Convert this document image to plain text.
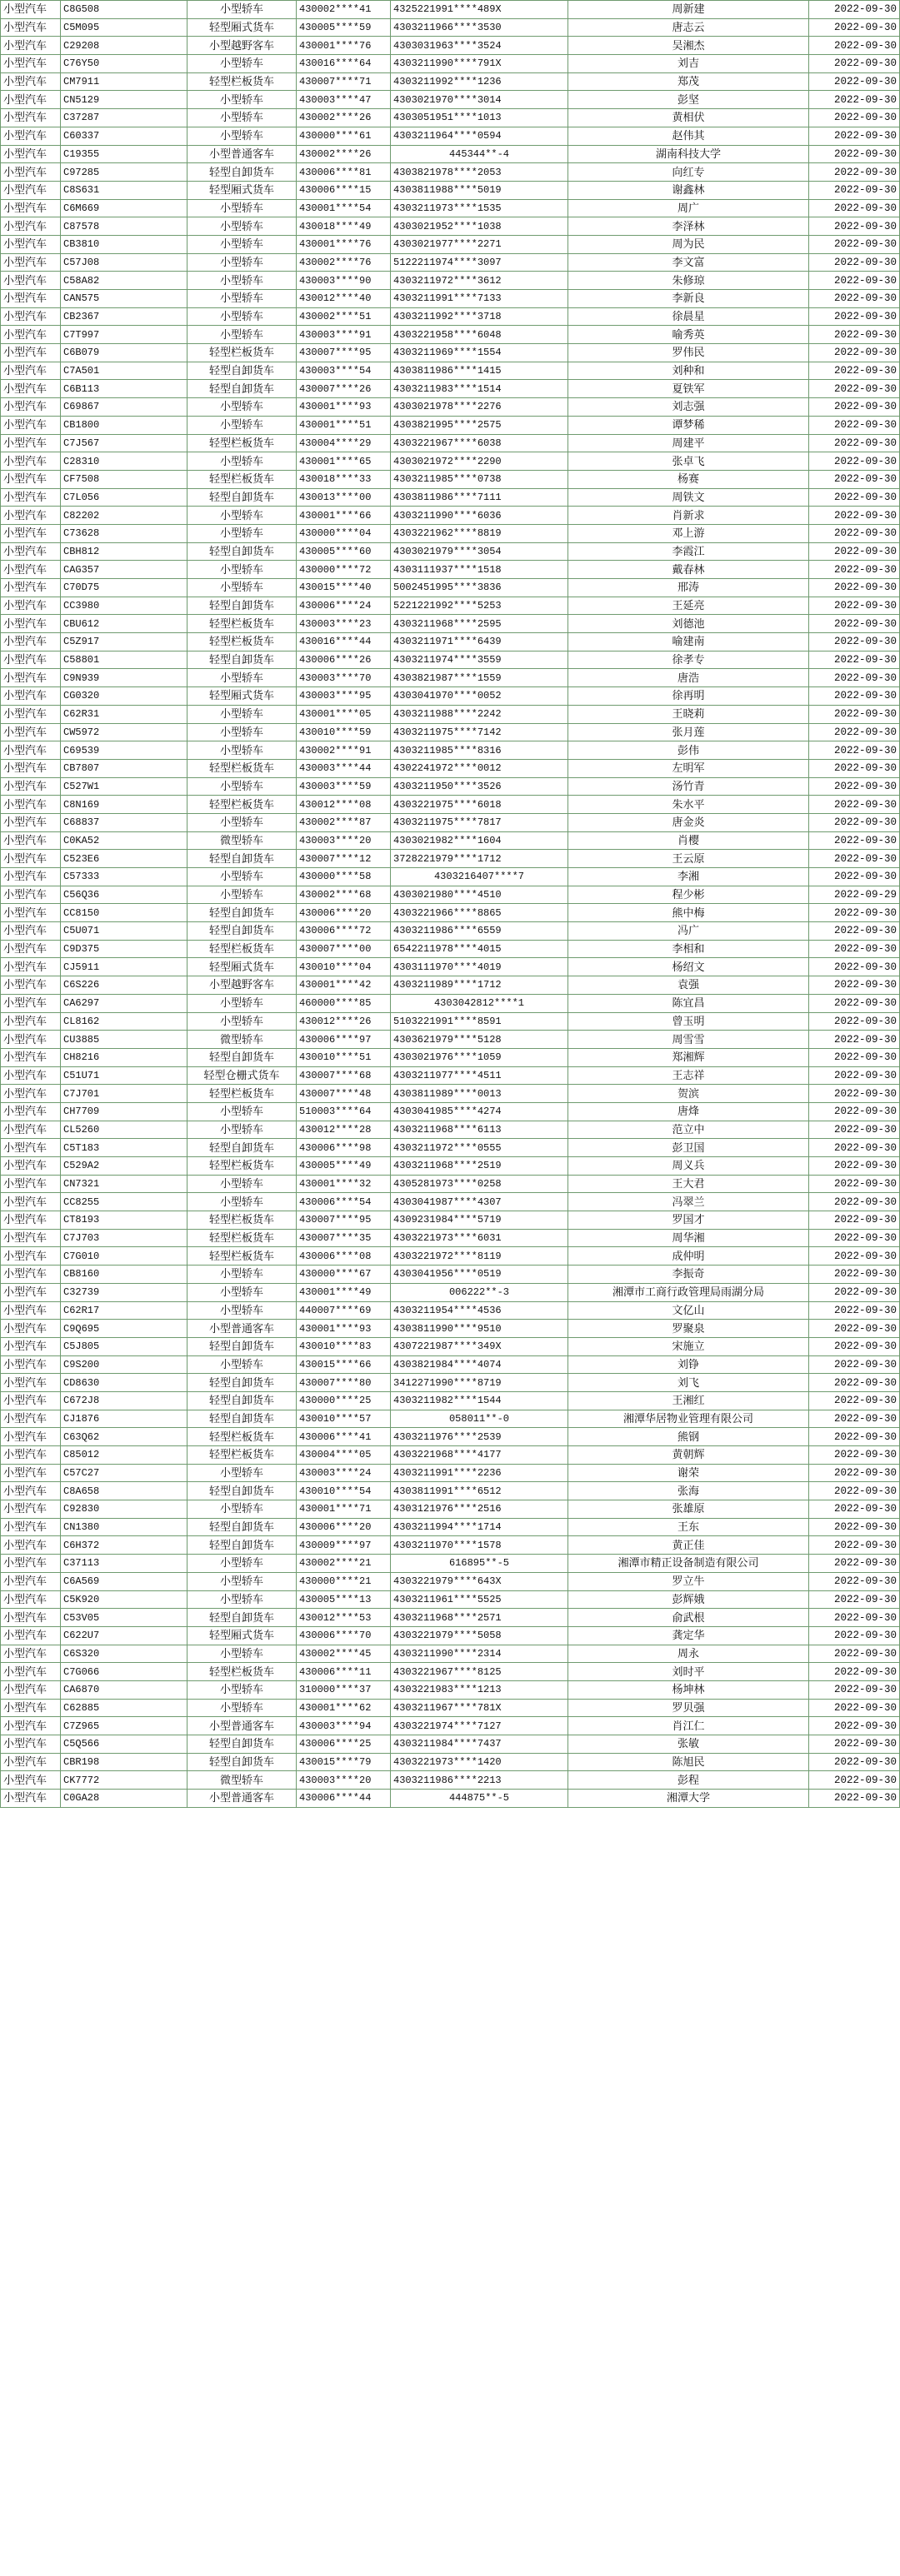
小型汽车	C8G508	小型轿车	430002****41	4325221991****489X	周新建	2022-09-30
小型汽车	C5M095	轻型厢式货车	430005****59	4303211966****3530	唐志云	2022-09-30
小型汽车	C29208	小型越野客车	430001****76	4303031963****3524	吴湘杰	2022-09-30
小型汽车	C76Y50	小型轿车	430016****64	4303211990****791X	刘吉	2022-09-30
小型汽车	CM7911	轻型栏板货车	430007****71	4303211992****1236	郑茂	2022-09-30
小型汽车	CN5129	小型轿车	430003****47	4303021970****3014	彭坚	2022-09-30
小型汽车	C37287	小型轿车	430002****26	4303051951****1013	黄相伏	2022-09-30
小型汽车	C60337	小型轿车	430000****61	4303211964****0594	赵伟其	2022-09-30
小型汽车	C19355	小型普通客车	430002****26	445344**-4	湖南科技大学	2022-09-30
小型汽车	C97285	轻型自卸货车	430006****81	4303821978****2053	向红专	2022-09-30
小型汽车	C8S631	轻型厢式货车	430006****15	4303811988****5019	谢鑫林	2022-09-30
小型汽车	C6M669	小型轿车	430001****54	4303211973****1535	周广	2022-09-30
小型汽车	C87578	小型轿车	430018****49	4303021952****1038	李泽林	2022-09-30
小型汽车	CB3810	小型轿车	430001****76	4303021977****2271	周为民	2022-09-30
小型汽车	C57J08	小型轿车	430002****76	5122211974****3097	李文富	2022-09-30
小型汽车	C58A82	小型轿车	430003****90	4303211972****3612	朱修琼	2022-09-30
小型汽车	CAN575	小型轿车	430012****40	4303211991****7133	李新良	2022-09-30
小型汽车	CB2367	小型轿车	430002****51	4303211992****3718	徐晨星	2022-09-30
小型汽车	C7T997	小型轿车	430003****91	4303221958****6048	喻秀英	2022-09-30
小型汽车	C6B079	轻型栏板货车	430007****95	4303211969****1554	罗伟民	2022-09-30
小型汽车	C7A501	轻型自卸货车	430003****54	4303811986****1415	刘种和	2022-09-30
小型汽车	C6B113	轻型自卸货车	430007****26	4303211983****1514	夏铁军	2022-09-30
小型汽车	C69867	小型轿车	430001****93	4303021978****2276	刘志强	2022-09-30
小型汽车	CB1800	小型轿车	430001****51	4303821995****2575	谭梦稀	2022-09-30
小型汽车	C7J567	轻型栏板货车	430004****29	4303221967****6038	周建平	2022-09-30
小型汽车	C28310	小型轿车	430001****65	4303021972****2290	张卓飞	2022-09-30
小型汽车	CF7508	轻型栏板货车	430018****33	4303211985****0738	杨赛	2022-09-30
小型汽车	C7L056	轻型自卸货车	430013****00	4303811986****7111	周铁文	2022-09-30
小型汽车	C82202	小型轿车	430001****66	4303211990****6036	肖新求	2022-09-30
小型汽车	C73628	小型轿车	430000****04	4303221962****8819	邓上游	2022-09-30
小型汽车	CBH812	轻型自卸货车	430005****60	4303021979****3054	李霞江	2022-09-30
小型汽车	CAG357	小型轿车	430000****72	4303111937****1518	戴春林	2022-09-30
小型汽车	C70D75	小型轿车	430015****40	5002451995****3836	邢涛	2022-09-30
小型汽车	CC3980	轻型自卸货车	430006****24	5221221992****5253	王延亮	2022-09-30
小型汽车	CBU612	轻型栏板货车	430003****23	4303211968****2595	刘德池	2022-09-30
小型汽车	C5Z917	轻型栏板货车	430016****44	4303211971****6439	喻建南	2022-09-30
小型汽车	C58801	轻型自卸货车	430006****26	4303211974****3559	徐孝专	2022-09-30
小型汽车	C9N939	小型轿车	430003****70	4303821987****1559	唐浩	2022-09-30
小型汽车	CG0320	轻型厢式货车	430003****95	4303041970****0052	徐再明	2022-09-30
小型汽车	C62R31	小型轿车	430001****05	4303211988****2242	王晓莉	2022-09-30
小型汽车	CW5972	小型轿车	430010****59	4303211975****7142	张月莲	2022-09-30
小型汽车	C69539	小型轿车	430002****91	4303211985****8316	彭伟	2022-09-30
小型汽车	CB7807	轻型栏板货车	430003****44	4302241972****0012	左明军	2022-09-30
小型汽车	C527W1	小型轿车	430003****59	4303211950****3526	汤竹青	2022-09-30
小型汽车	C8N169	轻型栏板货车	430012****08	4303221975****6018	朱水平	2022-09-30
小型汽车	C68837	小型轿车	430002****87	4303211975****7817	唐金炎	2022-09-30
小型汽车	C0KA52	微型轿车	430003****20	4303021982****1604	肖樱	2022-09-30
小型汽车	C523E6	轻型自卸货车	430007****12	3728221979****1712	王云原	2022-09-30
小型汽车	C57333	小型轿车	430000****58	4303216407****7	李湘	2022-09-30
小型汽车	C56Q36	小型轿车	430002****68	4303021980****4510	程少彬	2022-09-29
小型汽车	CC8150	轻型自卸货车	430006****20	4303221966****8865	熊中梅	2022-09-30
小型汽车	C5U071	轻型自卸货车	430006****72	4303211986****6559	冯广	2022-09-30
小型汽车	C9D375	轻型栏板货车	430007****00	6542211978****4015	李相和	2022-09-30
小型汽车	CJ5911	轻型厢式货车	430010****04	4303111970****4019	杨绍文	2022-09-30
小型汽车	C6S226	小型越野客车	430001****42	4303211989****1712	袁强	2022-09-30
小型汽车	CA6297	小型轿车	460000****85	4303042812****1	陈宜昌	2022-09-30
小型汽车	CL8162	小型轿车	430012****26	5103221991****8591	曾玉明	2022-09-30
小型汽车	CU3885	微型轿车	430006****97	4303621979****5128	周雪雪	2022-09-30
小型汽车	CH8216	轻型自卸货车	430010****51	4303021976****1059	郑湘辉	2022-09-30
小型汽车	C51U71	轻型仓栅式货车	430007****68	4303211977****4511	王志祥	2022-09-30
小型汽车	C7J701	轻型栏板货车	430007****48	4303811989****0013	贺滨	2022-09-30
小型汽车	CH7709	小型轿车	510003****64	4303041985****4274	唐烽	2022-09-30
小型汽车	CL5260	小型轿车	430012****28	4303211968****6113	范立中	2022-09-30
小型汽车	C5T183	轻型自卸货车	430006****98	4303211972****0555	彭卫国	2022-09-30
小型汽车	C529A2	轻型栏板货车	430005****49	4303211968****2519	周义兵	2022-09-30
小型汽车	CN7321	小型轿车	430001****32	4305281973****0258	王大君	2022-09-30
小型汽车	CC8255	小型轿车	430006****54	4303041987****4307	冯翠兰	2022-09-30
小型汽车	CT8193	轻型栏板货车	430007****95	4309231984****5719	罗国才	2022-09-30
小型汽车	C7J703	轻型栏板货车	430007****35	4303221973****6031	周华湘	2022-09-30
小型汽车	C7G010	轻型栏板货车	430006****08	4303221972****8119	成仲明	2022-09-30
小型汽车	CB8160	小型轿车	430000****67	4303041956****0519	李振奇	2022-09-30
小型汽车	C32739	小型轿车	430001****49	006222**-3	湘潭市工商行政管理局雨湖分局	2022-09-30
小型汽车	C62R17	小型轿车	440007****69	4303211954****4536	文亿山	2022-09-30
小型汽车	C9Q695	小型普通客车	430001****93	4303811990****9510	罗聚泉	2022-09-30
小型汽车	C5J805	轻型自卸货车	430010****83	4307221987****349X	宋施立	2022-09-30
小型汽车	C9S200	小型轿车	430015****66	4303821984****4074	刘铮	2022-09-30
小型汽车	CD8630	轻型自卸货车	430007****80	3412271990****8719	刘飞	2022-09-30
小型汽车	C672J8	轻型自卸货车	430000****25	4303211982****1544	王湘红	2022-09-30
小型汽车	CJ1876	轻型自卸货车	430010****57	058011**-0	湘潭华居物业管理有限公司	2022-09-30
小型汽车	C63Q62	轻型栏板货车	430006****41	4303211976****2539	熊钢	2022-09-30
小型汽车	C85012	轻型栏板货车	430004****05	4303221968****4177	黄朝辉	2022-09-30
小型汽车	C57C27	小型轿车	430003****24	4303211991****2236	谢荣	2022-09-30
小型汽车	C8A658	轻型自卸货车	430010****54	4303811991****6512	张海	2022-09-30
小型汽车	C92830	小型轿车	430001****71	4303121976****2516	张雄原	2022-09-30
小型汽车	CN1380	轻型自卸货车	430006****20	4303211994****1714	王东	2022-09-30
小型汽车	C6H372	轻型自卸货车	430009****97	4303211970****1578	黄正佳	2022-09-30
小型汽车	C37113	小型轿车	430002****21	616895**-5	湘潭市精正设备制造有限公司	2022-09-30
小型汽车	C6A569	小型轿车	430000****21	4303221979****643X	罗立牛	2022-09-30
小型汽车	C5K920	小型轿车	430005****13	4303211961****5525	彭辉娥	2022-09-30
小型汽车	C53V05	轻型自卸货车	430012****53	4303211968****2571	俞武根	2022-09-30
小型汽车	C622U7	轻型厢式货车	430006****70	4303221979****5058	龚定华	2022-09-30
小型汽车	C6S320	小型轿车	430002****45	4303211990****2314	周永	2022-09-30
小型汽车	C7G066	轻型栏板货车	430006****11	4303221967****8125	刘时平	2022-09-30
小型汽车	CA6870	小型轿车	310000****37	4303221983****1213	杨坤林	2022-09-30
小型汽车	C62885	小型轿车	430001****62	4303211967****781X	罗贝强	2022-09-30
小型汽车	C7Z965	小型普通客车	430003****94	4303221974****7127	肖江仁	2022-09-30
小型汽车	C5Q566	轻型自卸货车	430006****25	4303211984****7437	张敏	2022-09-30
小型汽车	CBR198	轻型自卸货车	430015****79	4303221973****1420	陈旭民	2022-09-30
小型汽车	CK7772	微型轿车	430003****20	4303211986****2213	彭程	2022-09-30
小型汽车	C0GA28	小型普通客车	430006****44	444875**-5	湘潭大学	2022-09-30
